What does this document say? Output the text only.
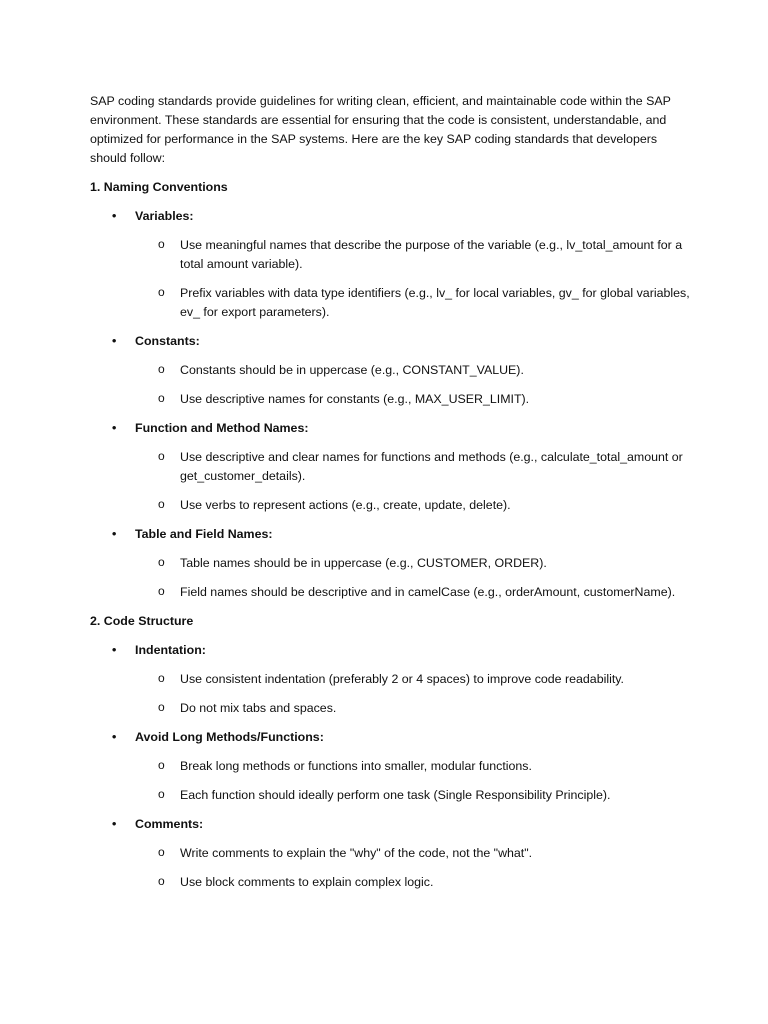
SAP coding standards provide guidelines for writing clean, efficient, and maintainable code within the SAP environment. These standards are essential for ensuring that the code is consistent, understandable, and optimized for performance in the SAP systems. Here are the key SAP coding standards that developers should follow:

1. Naming Conventions
• Variables:
o Use meaningful names that describe the purpose of the variable (e.g., lv_total_amount for a total amount variable).
o Prefix variables with data type identifiers (e.g., lv_ for local variables, gv_ for global variables, ev_ for export parameters).
• Constants:
o Constants should be in uppercase (e.g., CONSTANT_VALUE).
o Use descriptive names for constants (e.g., MAX_USER_LIMIT).
• Function and Method Names:
o Use descriptive and clear names for functions and methods (e.g., calculate_total_amount or get_customer_details).
o Use verbs to represent actions (e.g., create, update, delete).
• Table and Field Names:
o Table names should be in uppercase (e.g., CUSTOMER, ORDER).
o Field names should be descriptive and in camelCase (e.g., orderAmount, customerName).
2. Code Structure
• Indentation:
o Use consistent indentation (preferably 2 or 4 spaces) to improve code readability.
o Do not mix tabs and spaces.
• Avoid Long Methods/Functions:
o Break long methods or functions into smaller, modular functions.
o Each function should ideally perform one task (Single Responsibility Principle).
• Comments:
o Write comments to explain the "why" of the code, not the "what".
o Use block comments to explain complex logic.
